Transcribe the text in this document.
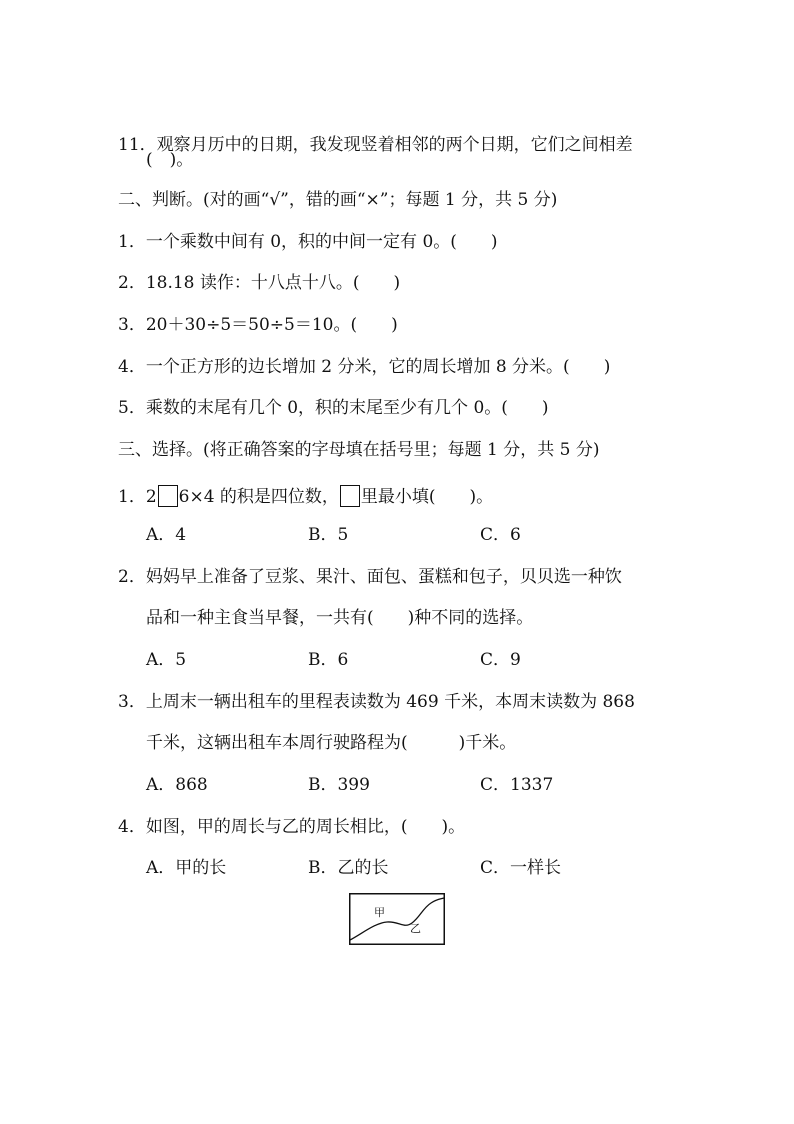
11．观察月历中的日期，我发现竖着相邻的两个日期，它们之间相差
(　)。
二、判断。(对的画“√”，错的画“×”；每题 1 分，共 5 分)
1．一个乘数中间有 0，积的中间一定有 0。(　　)
2．18.18 读作：十八点十八。(　　)
3．20＋30÷5＝50÷5＝10。(　　)
4．一个正方形的边长增加 2 分米，它的周长增加 8 分米。(　　)
5．乘数的末尾有几个 0，积的末尾至少有几个 0。(　　)
三、选择。(将正确答案的字母填在括号里；每题 1 分，共 5 分)
1．2 6×4 的积是四位数， 里最小填(　　)。
A．4	B．5	C．6
2．妈妈早上准备了豆浆、果汁、面包、蛋糕和包子，贝贝选一种饮
品和一种主食当早餐，一共有(　　)种不同的选择。
A．5	B．6	C．9
3．上周末一辆出租车的里程表读数为 469 千米，本周末读数为 868
千米，这辆出租车本周行驶路程为(　　　)千米。
A．868	B．399	C．1337
4．如图，甲的周长与乙的周长相比，(　　)。
A．甲的长	B．乙的长	C．一样长
甲
乙
